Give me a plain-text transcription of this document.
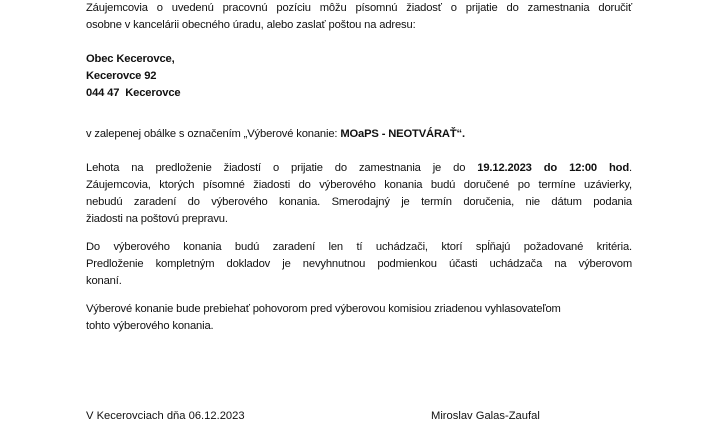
Záujemcovia o uvedenú pracovnú pozíciu môžu písomnú žiadosť o prijatie do zamestnania doručiť
osobne v kancelárii obecného úradu, alebo zaslať poštou na adresu:
Obec Kecerovce,
Kecerovce 92
044 47  Kecerovce
v zalepenej obálke s označením „Výberové konanie: MOaPS - NEOTVÁRAŤ“.
Lehota na predloženie žiadostí o prijatie do zamestnania je do 19.12.2023 do 12:00 hod.
Záujemcovia, ktorých písomné žiadosti do výberového konania budú doručené po termíne uzávierky,
nebudú zaradení do výberového konania. Smerodajný je termín doručenia, nie dátum podania
žiadosti na poštovú prepravu.
Do výberového konania budú zaradení len tí uchádzači, ktorí spĺňajú požadované kritéria.
Predloženie kompletným dokladov je nevyhnutnou podmienkou účasti uchádzača na výberovom
konaní.
Výberové konanie bude prebiehať pohovorom pred výberovou komisiou zriadenou vyhlasovateľom
tohto výberového konania.
V Kecerovciach dňa 06.12.2023	Miroslav Galas-Zaufal
